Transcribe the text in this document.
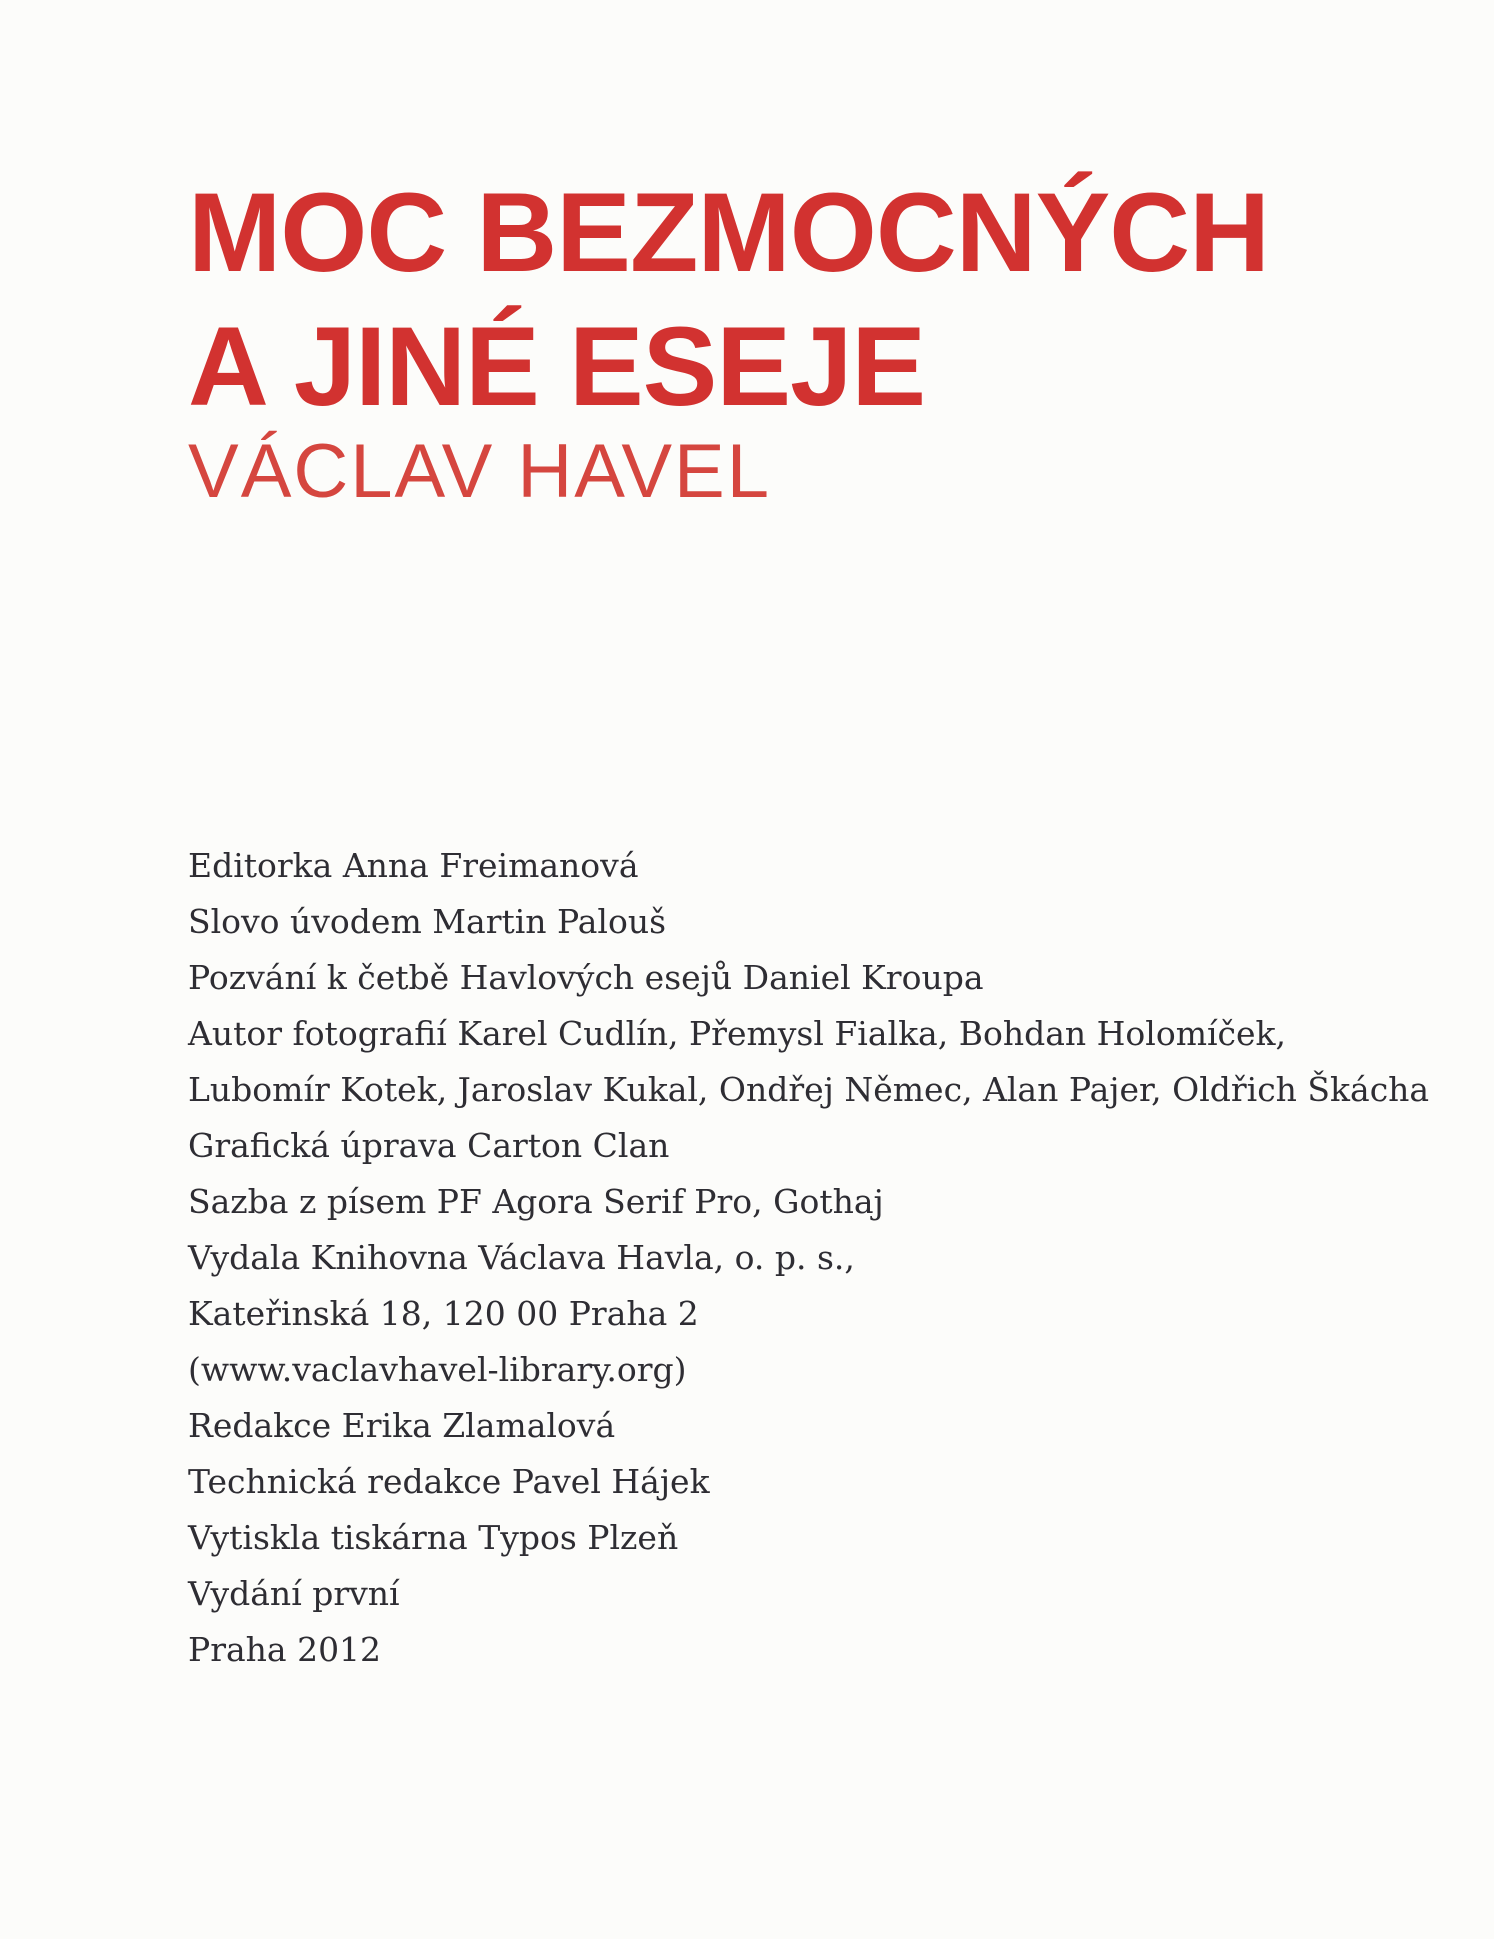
MOC BEZMOCNÝCH
A JINÉ ESEJE
VÁCLAV HAVEL

Editorka Anna Freimanová

Slovo úvodem Martin Palouš

Pozvání k četbě Havlových esejů Daniel Kroupa

Autor fotografií Karel Cudlín, Přemysl Fialka, Bohdan Holomíček,

Lubomír Kotek, Jaroslav Kukal, Ondřej Němec, Alan Pajer, Oldřich Škácha

Grafická úprava Carton Clan

Sazba z písem PF Agora Serif Pro, Gothaj

Vydala Knihovna Václava Havla, o. p. s.,

Kateřinská 18, 120 00 Praha 2

(www.vaclavhavel-library.org)

Redakce Erika Zlamalová

Technická redakce Pavel Hájek

Vytiskla tiskárna Typos Plzeň

Vydání první

Praha 2012
